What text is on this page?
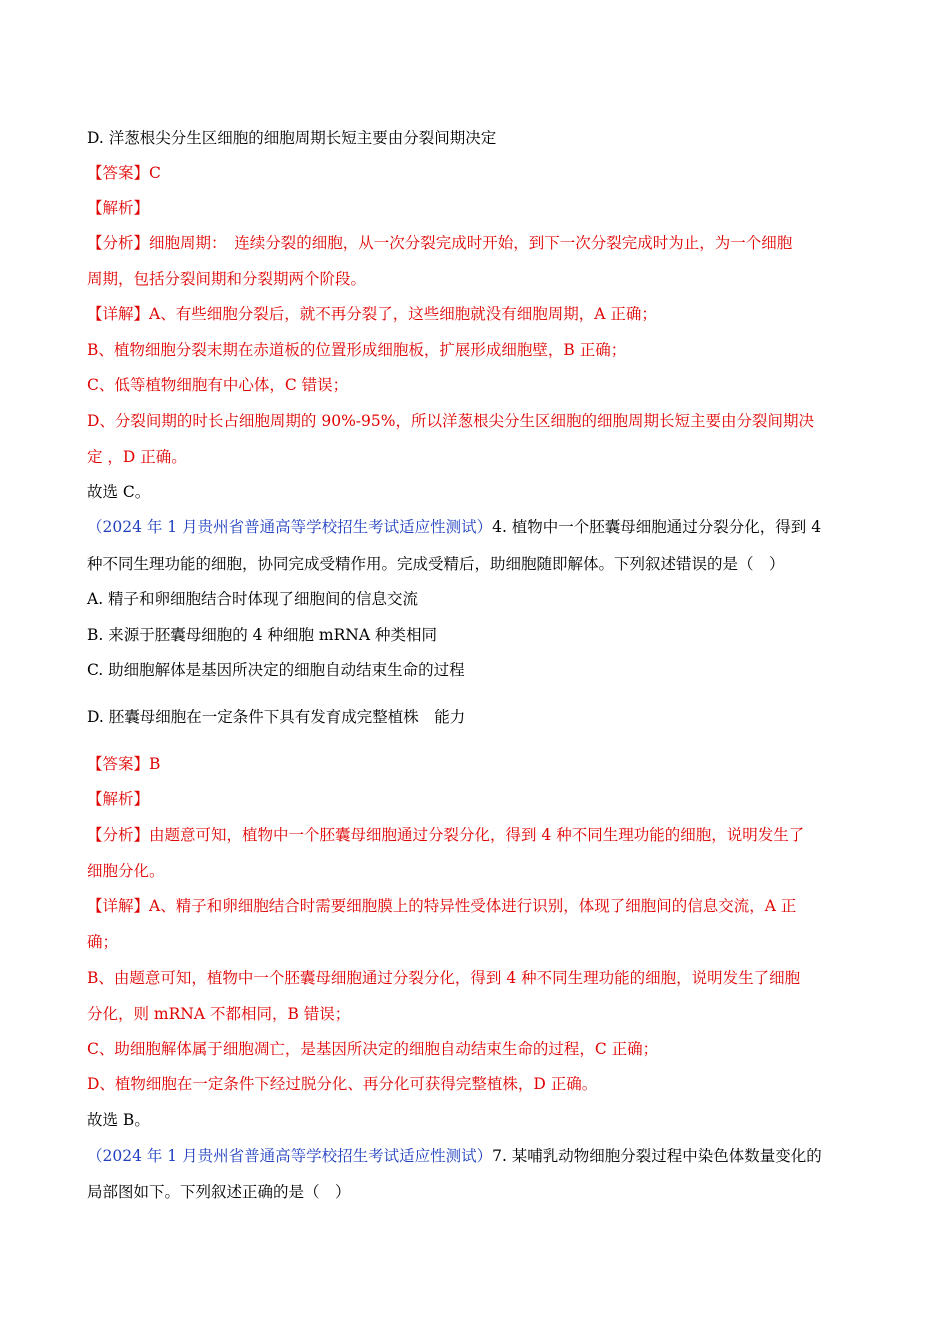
D. 洋葱根尖分生区细胞的细胞周期长短主要由分裂间期决定
【答案】C
【解析】
【分析】细胞周期：　连续分裂的细胞，从一次分裂完成时开始，到下一次分裂完成时为止，为一个细胞
周期，包括分裂间期和分裂期两个阶段。
【详解】A、有些细胞分裂后，就不再分裂了，这些细胞就没有细胞周期，A 正确；
B、植物细胞分裂末期在赤道板的位置形成细胞板，扩展形成细胞壁，B 正确；
C、低等植物细胞有中心体，C 错误；
D、分裂间期的时长占细胞周期的 90%-95%，所以洋葱根尖分生区细胞的细胞周期长短主要由分裂间期决
定 ，D 正确。
故选 C。
（2024 年 1 月贵州省普通高等学校招生考试适应性测试）4. 植物中一个胚囊母细胞通过分裂分化，得到 4
种不同生理功能的细胞，协同完成受精作用。完成受精后，助细胞随即解体。下列叙述错误的是（　）
A. 精子和卵细胞结合时体现了细胞间的信息交流
B. 来源于胚囊母细胞的 4 种细胞 mRNA 种类相同
C. 助细胞解体是基因所决定的细胞自动结束生命的过程
D. 胚囊母细胞在一定条件下具有发育成完整植株　能力
【答案】B
【解析】
【分析】由题意可知，植物中一个胚囊母细胞通过分裂分化，得到 4 种不同生理功能的细胞，说明发生了
细胞分化。
【详解】A、精子和卵细胞结合时需要细胞膜上的特异性受体进行识别，体现了细胞间的信息交流，A 正
确；
B、由题意可知，植物中一个胚囊母细胞通过分裂分化，得到 4 种不同生理功能的细胞，说明发生了细胞
分化，则 mRNA 不都相同，B 错误；
C、助细胞解体属于细胞凋亡，是基因所决定的细胞自动结束生命的过程，C 正确；
D、植物细胞在一定条件下经过脱分化、再分化可获得完整植株，D 正确。
故选 B。
（2024 年 1 月贵州省普通高等学校招生考试适应性测试）7. 某哺乳动物细胞分裂过程中染色体数量变化的
局部图如下。下列叙述正确的是（　）
